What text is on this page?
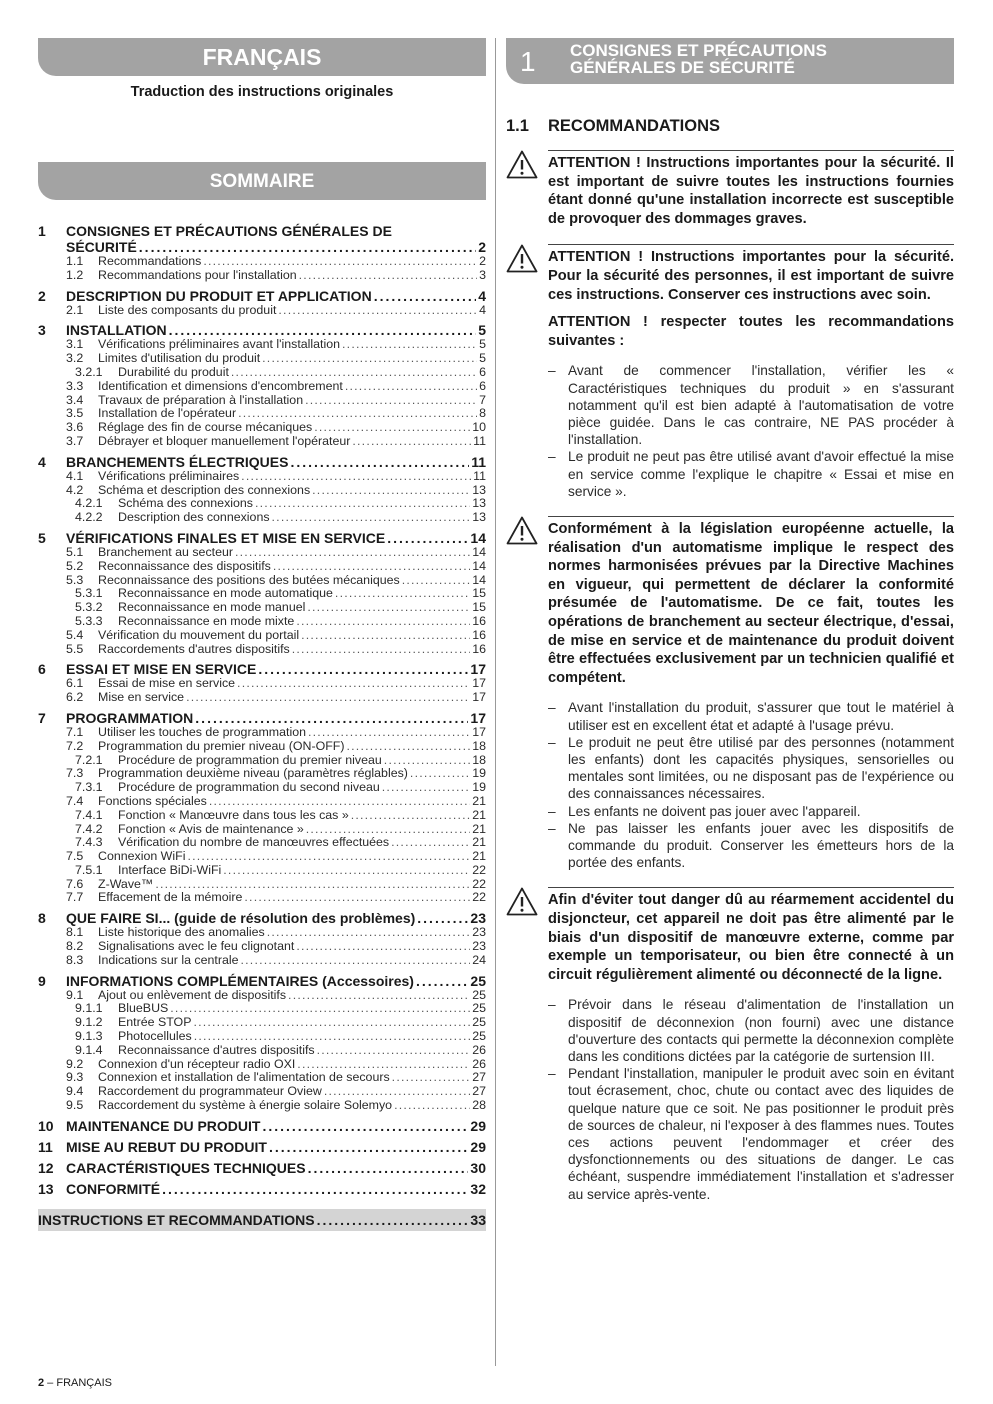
FRANÇAIS
Traduction des instructions originales
SOMMAIRE
1	CONSIGNES ET PRÉCAUTIONS GÉNÉRALES DE
SÉCURITÉ .....	2
1.1	Recommandations .....	2
1.2	Recommandations pour l'installation .....	3
2	DESCRIPTION DU PRODUIT ET APPLICATION .....	4
2.1	Liste des composants du produit .....	4
3	INSTALLATION .....	5
3.1	Vérifications préliminaires avant l'installation .....	5
3.2	Limites d'utilisation du produit .....	5
3.2.1	Durabilité du produit .....	6
3.3	Identification et dimensions d'encombrement .....	6
3.4	Travaux de préparation à l'installation .....	7
3.5	Installation de l'opérateur .....	8
3.6	Réglage des fin de course mécaniques .....	10
3.7	Débrayer et bloquer manuellement l'opérateur .....	11
4	BRANCHEMENTS ÉLECTRIQUES .....	11
4.1	Vérifications préliminaires .....	11
4.2	Schéma et description des connexions .....	13
4.2.1	Schéma des connexions .....	13
4.2.2	Description des connexions .....	13
5	VÉRIFICATIONS FINALES ET MISE EN SERVICE .....	14
5.1	Branchement au secteur .....	14
5.2	Reconnaissance des dispositifs .....	14
5.3	Reconnaissance des positions des butées mécaniques .....	14
5.3.1	Reconnaissance en mode automatique .....	15
5.3.2	Reconnaissance en mode manuel .....	15
5.3.3	Reconnaissance en mode mixte .....	16
5.4	Vérification du mouvement du portail .....	16
5.5	Raccordements d'autres dispositifs .....	16
6	ESSAI ET MISE EN SERVICE .....	17
6.1	Essai de mise en service .....	17
6.2	Mise en service .....	17
7	PROGRAMMATION .....	17
7.1	Utiliser les touches de programmation .....	17
7.2	Programmation du premier niveau (ON-OFF) .....	18
7.2.1	Procédure de programmation du premier niveau .....	18
7.3	Programmation deuxième niveau (paramètres réglables) .....	19
7.3.1	Procédure de programmation du second niveau .....	19
7.4	Fonctions spéciales .....	21
7.4.1	Fonction « Manœuvre dans tous les cas » .....	21
7.4.2	Fonction « Avis de maintenance » .....	21
7.4.3	Vérification du nombre de manœuvres effectuées .....	21
7.5	Connexion WiFi .....	21
7.5.1	Interface BiDi-WiFi .....	22
7.6	Z-Wave™ .....	22
7.7	Effacement de la mémoire .....	22
8	QUE FAIRE SI... (guide de résolution des problèmes) .....	23
8.1	Liste historique des anomalies .....	23
8.2	Signalisations avec le feu clignotant .....	23
8.3	Indications sur la centrale .....	24
9	INFORMATIONS COMPLÉMENTAIRES (Accessoires) .....	25
9.1	Ajout ou enlèvement de dispositifs .....	25
9.1.1	BlueBUS .....	25
9.1.2	Entrée STOP .....	25
9.1.3	Photocellules .....	25
9.1.4	Reconnaissance d'autres dispositifs .....	26
9.2	Connexion d'un récepteur radio OXI .....	26
9.3	Connexion et installation de l'alimentation de secours .....	27
9.4	Raccordement du programmateur Oview .....	27
9.5	Raccordement du système à énergie solaire Solemyo .....	28
10 MAINTENANCE DU PRODUIT .....	29
11 MISE AU REBUT DU PRODUIT .....	29
12 CARACTÉRISTIQUES TECHNIQUES .....	30
13 CONFORMITÉ .....	32
INSTRUCTIONS ET RECOMMANDATIONS .....	33
1 CONSIGNES ET PRÉCAUTIONS
GÉNÉRALES DE SÉCURITÉ
1.1 RECOMMANDATIONS

ATTENTION ! Instructions importantes pour la sécurité. Il est important de suivre toutes les instructions fournies étant donné qu'une installation incorrecte est susceptible de provoquer des dommages graves.

ATTENTION ! Instructions importantes pour la sécurité. Pour la sécurité des personnes, il est important de suivre ces instructions. Conserver ces instructions avec soin.

ATTENTION ! respecter toutes les recommandations suivantes :

– Avant de commencer l'installation, vérifier les « Caractéristiques techniques du produit » en s'assurant notamment qu'il est bien adapté à l'automatisation de votre pièce guidée. Dans le cas contraire, NE PAS procéder à l'installation.
– Le produit ne peut pas être utilisé avant d'avoir effectué la mise en service comme l'explique le chapitre « Essai et mise en service ».

Conformément à la législation européenne actuelle, la réalisation d'un automatisme implique le respect des normes harmonisées prévues par la Directive Machines en vigueur, qui permettent de déclarer la conformité présumée de l'automatisme. De ce fait, toutes les opérations de branchement au secteur électrique, d'essai, de mise en service et de maintenance du produit doivent être effectuées exclusivement par un technicien qualifié et compétent.

– Avant l'installation du produit, s'assurer que tout le matériel à utiliser est en excellent état et adapté à l'usage prévu.
– Le produit ne peut être utilisé par des personnes (notamment les enfants) dont les capacités physiques, sensorielles ou mentales sont limitées, ou ne disposant pas de l'expérience ou des connaissances nécessaires.
– Les enfants ne doivent pas jouer avec l'appareil.
– Ne pas laisser les enfants jouer avec les dispositifs de commande du produit. Conserver les émetteurs hors de la portée des enfants.

Afin d'éviter tout danger dû au réarmement accidentel du disjoncteur, cet appareil ne doit pas être alimenté par le biais d'un dispositif de manœuvre externe, comme par exemple un temporisateur, ou bien être connecté à un circuit régulièrement alimenté ou déconnecté de la ligne.

– Prévoir dans le réseau d'alimentation de l'installation un dispositif de déconnexion (non fourni) avec une distance d'ouverture des contacts qui permette la déconnexion complète dans les conditions dictées par la catégorie de surtension III.
– Pendant l'installation, manipuler le produit avec soin en évitant tout écrasement, choc, chute ou contact avec des liquides de quelque nature que ce soit. Ne pas positionner le produit près de sources de chaleur, ni l'exposer à des flammes nues. Toutes ces actions peuvent l'endommager et créer des dysfonctionnements ou des situations de danger. Le cas échéant, suspendre immédiatement l'installation et s'adresser au service après-vente.
2 – FRANÇAIS
